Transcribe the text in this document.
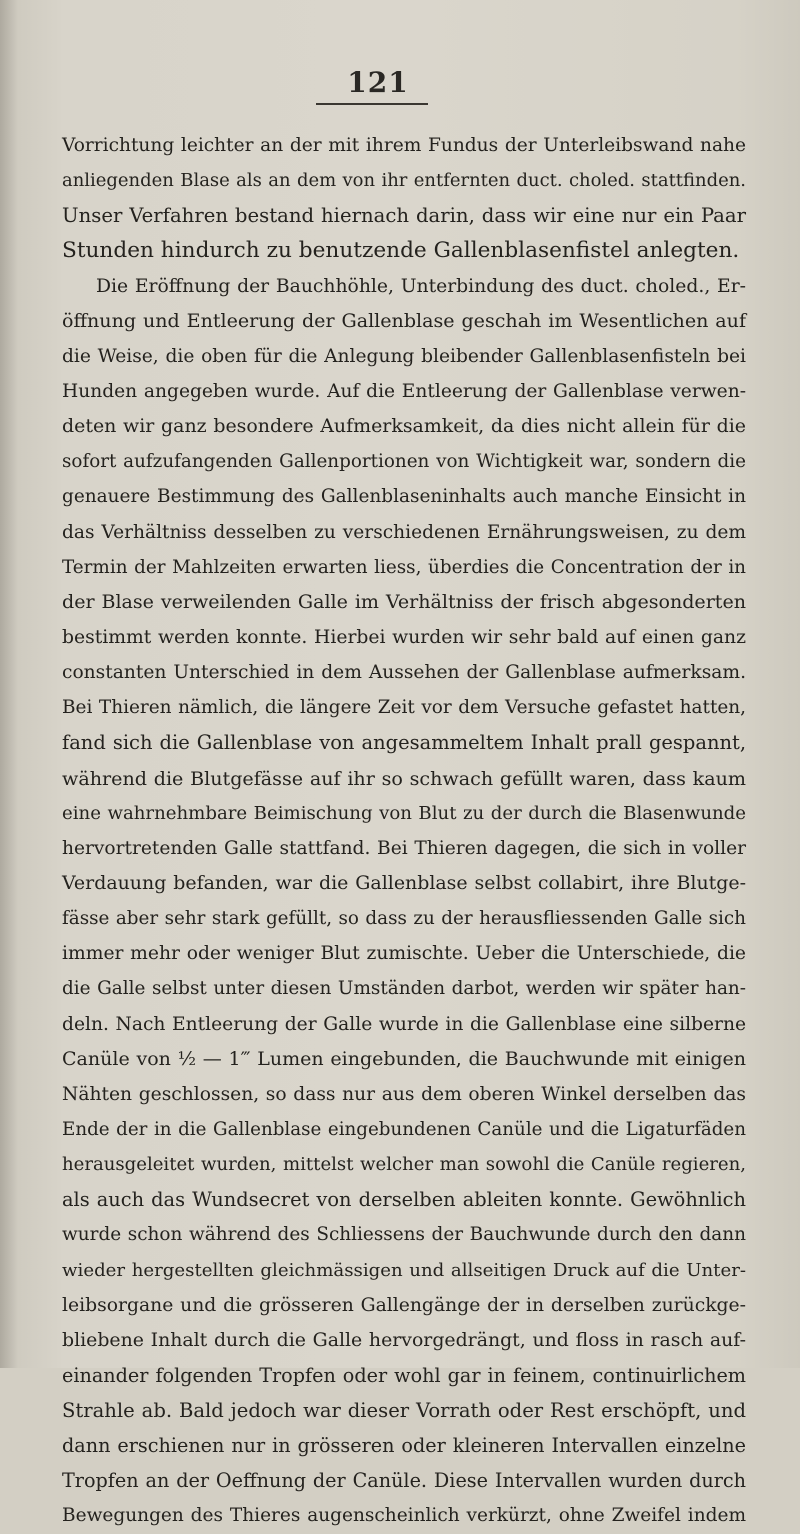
121
Vorrichtung leichter an der mit ihrem Fundus der Unterleibswand nahe
anliegenden Blase als an dem von ihr entfernten duct. choled. stattfinden.
Unser Verfahren bestand hiernach darin, dass wir eine nur ein Paar
Stunden hindurch zu benutzende Gallenblasenfistel anlegten.
Die Eröffnung der Bauchhöhle, Unterbindung des duct. choled., Er-
öffnung und Entleerung der Gallenblase geschah im Wesentlichen auf
die Weise, die oben für die Anlegung bleibender Gallenblasenfisteln bei
Hunden angegeben wurde. Auf die Entleerung der Gallenblase verwen-
deten wir ganz besondere Aufmerksamkeit, da dies nicht allein für die
sofort aufzufangenden Gallenportionen von Wichtigkeit war, sondern die
genauere Bestimmung des Gallenblaseninhalts auch manche Einsicht in
das Verhältniss desselben zu verschiedenen Ernährungsweisen, zu dem
Termin der Mahlzeiten erwarten liess, überdies die Concentration der in
der Blase verweilenden Galle im Verhältniss der frisch abgesonderten
bestimmt werden konnte. Hierbei wurden wir sehr bald auf einen ganz
constanten Unterschied in dem Aussehen der Gallenblase aufmerksam.
Bei Thieren nämlich, die längere Zeit vor dem Versuche gefastet hatten,
fand sich die Gallenblase von angesammeltem Inhalt prall gespannt,
während die Blutgefässe auf ihr so schwach gefüllt waren, dass kaum
eine wahrnehmbare Beimischung von Blut zu der durch die Blasenwunde
hervortretenden Galle stattfand. Bei Thieren dagegen, die sich in voller
Verdauung befanden, war die Gallenblase selbst collabirt, ihre Blutge-
fässe aber sehr stark gefüllt, so dass zu der herausfliessenden Galle sich
immer mehr oder weniger Blut zumischte. Ueber die Unterschiede, die
die Galle selbst unter diesen Umständen darbot, werden wir später han-
deln. Nach Entleerung der Galle wurde in die Gallenblase eine silberne
Canüle von ½ — 1‴ Lumen eingebunden, die Bauchwunde mit einigen
Nähten geschlossen, so dass nur aus dem oberen Winkel derselben das
Ende der in die Gallenblase eingebundenen Canüle und die Ligaturfäden
herausgeleitet wurden, mittelst welcher man sowohl die Canüle regieren,
als auch das Wundsecret von derselben ableiten konnte. Gewöhnlich
wurde schon während des Schliessens der Bauchwunde durch den dann
wieder hergestellten gleichmässigen und allseitigen Druck auf die Unter-
leibsorgane und die grösseren Gallengänge der in derselben zurückge-
bliebene Inhalt durch die Galle hervorgedrängt, und floss in rasch auf-
einander folgenden Tropfen oder wohl gar in feinem, continuirlichem
Strahle ab. Bald jedoch war dieser Vorrath oder Rest erschöpft, und
dann erschienen nur in grösseren oder kleineren Intervallen einzelne
Tropfen an der Oeffnung der Canüle. Diese Intervallen wurden durch
Bewegungen des Thieres augenscheinlich verkürzt, ohne Zweifel indem
